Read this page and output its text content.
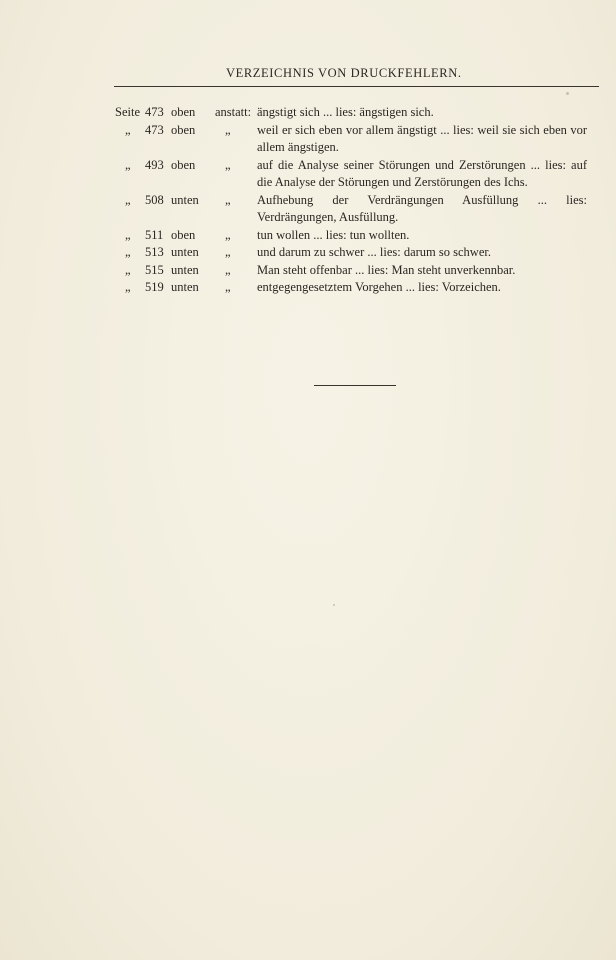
VERZEICHNIS VON DRUCKFEHLERN.
Seite 473 oben anstatt: ängstigt sich ... lies: ängstigen sich.
„ 473 oben „ weil er sich eben vor allem ängstigt ... lies: weil sie sich eben vor allem ängstigen.
„ 493 oben „ auf die Analyse seiner Störungen und Zerstörungen ... lies: auf die Analyse der Störungen und Zerstörungen des Ichs.
„ 508 unten „ Aufhebung der Verdrängungen Ausfüllung ... lies: Verdrängungen, Ausfüllung.
„ 511 oben „ tun wollen ... lies: tun wollten.
„ 513 unten „ und darum zu schwer ... lies: darum so schwer.
„ 515 unten „ Man steht offenbar ... lies: Man steht unverkennbar.
„ 519 unten „ entgegengesetztem Vorgehen ... lies: Vorzeichen.
